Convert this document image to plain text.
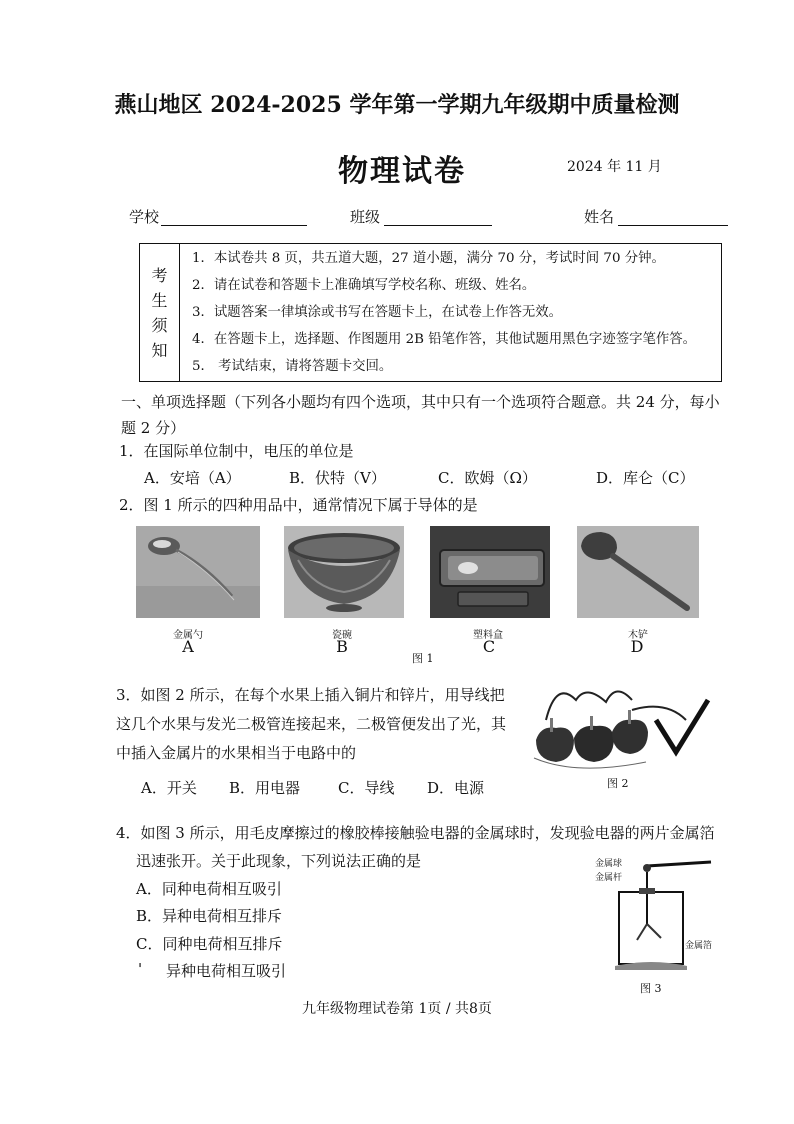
燕山地区 2024-2025 学年第一学期九年级期中质量检测
物理试卷	2024 年 11 月
学校	班级	姓名
考
生
须
知
1．本试卷共 8 页，共五道大题，27 道小题，满分 70 分，考试时间 70 分钟。
2．请在试卷和答题卡上准确填写学校名称、班级、姓名。
3．试题答案一律填涂或书写在答题卡上，在试卷上作答无效。
4．在答题卡上，选择题、作图题用 2B 铅笔作答，其他试题用黑色字迹签字笔作答。
5． 考试结束，请将答题卡交回。
一、单项选择题（下列各小题均有四个选项，其中只有一个选项符合题意。共 24 分，每小题 2 分）
1．在国际单位制中，电压的单位是
A．安培（A）	B．伏特（V）	C．欧姆（Ω）	D．库仑（C）
2．图 1 所示的四种用品中，通常情况下属于导体的是
金属勺
A
瓷碗
B
塑料盒
C
木铲
D
图 1
3．如图 2 所示，在每个水果上插入铜片和锌片，用导线把这几个水果与发光二极管连接起来，二极管便发出了光，其中插入金属片的水果相当于电路中的
A．开关 B．用电器	C．导线 D．电源	图 2
4．如图 3 所示，用毛皮摩擦过的橡胶棒接触验电器的金属球时，发现验电器的两片金属箔
迅速张开。关于此现象，下列说法正确的是
A．同种电荷相互吸引
B．异种电荷相互排斥
C．同种电荷相互排斥
' 异种电荷相互吸引
金属球
金属杆
金属箔
图 3
九年级物理试卷第 1页 / 共8页
